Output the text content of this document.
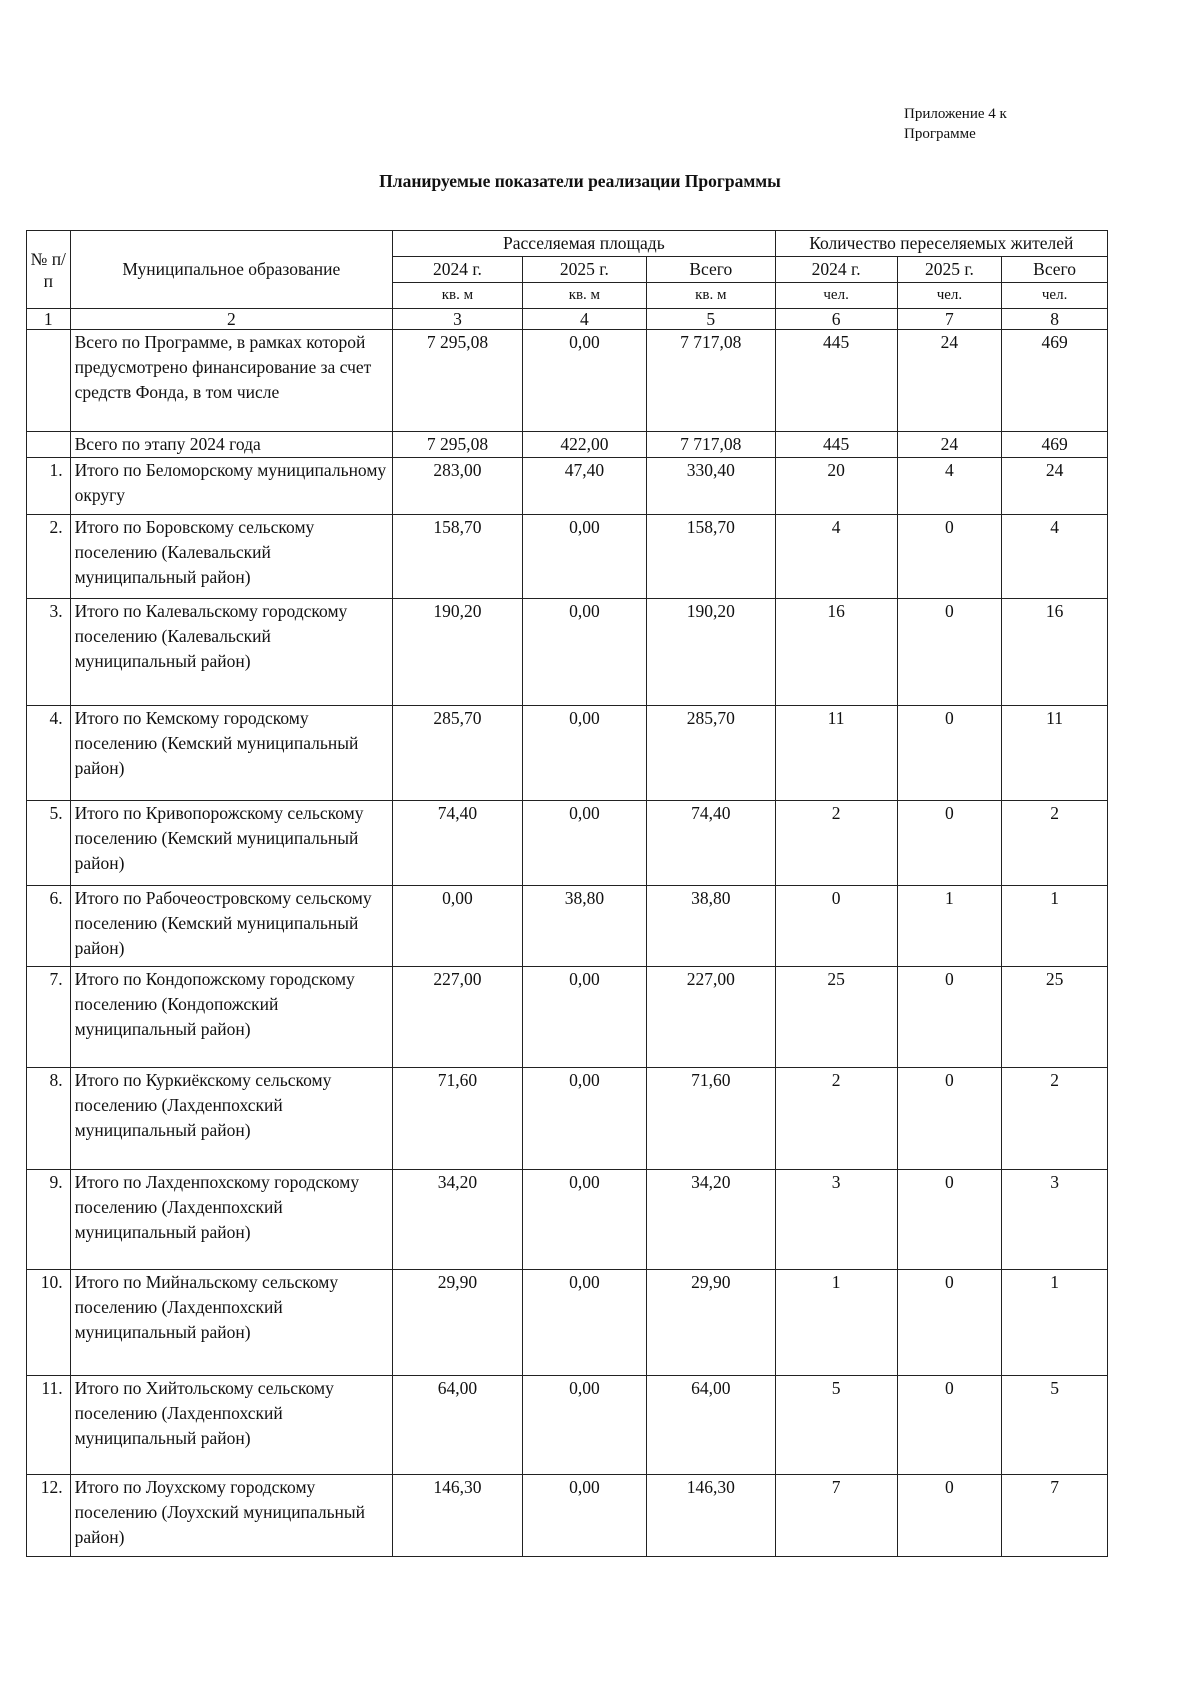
Приложение 4 к
Программе
Планируемые показатели реализации Программы
№ п/п	Муниципальное образование	Расселяемая площадь			Количество переселяемых жителей		
		2024 г.	2025 г.	Всего	2024 г.	2025 г.	Всего
		кв. м	кв. м	кв. м	чел.	чел.	чел.
1	2	3	4	5	6	7	8
	Всего по Программе, в рамках которой предусмотрено финансирование за счет средств Фонда, в том числе	7 295,08	0,00	7 717,08	445	24	469
	Всего по этапу 2024 года	7 295,08	422,00	7 717,08	445	24	469
1.	Итого по Беломорскому муниципальному округу	283,00	47,40	330,40	20	4	24
2.	Итого по Боровскому сельскому поселению (Калевальский муниципальный район)	158,70	0,00	158,70	4	0	4
3.	Итого по Калевальскому городскому поселению (Калевальский муниципальный район)	190,20	0,00	190,20	16	0	16
4.	Итого по Кемскому городскому поселению (Кемский муниципальный район)	285,70	0,00	285,70	11	0	11
5.	Итого по Кривопорожскому сельскому поселению (Кемский муниципальный район)	74,40	0,00	74,40	2	0	2
6.	Итого по Рабочеостровскому сельскому поселению (Кемский муниципальный район)	0,00	38,80	38,80	0	1	1
7.	Итого по Кондопожскому городскому поселению (Кондопожский муниципальный район)	227,00	0,00	227,00	25	0	25
8.	Итого по Куркиёкскому сельскому поселению (Лахденпохский муниципальный район)	71,60	0,00	71,60	2	0	2
9.	Итого по Лахденпохскому городскому поселению (Лахденпохский муниципальный район)	34,20	0,00	34,20	3	0	3
10.	Итого по Мийнальскому сельскому поселению (Лахденпохский муниципальный район)	29,90	0,00	29,90	1	0	1
11.	Итого по Хийтольскому сельскому поселению (Лахденпохский муниципальный район)	64,00	0,00	64,00	5	0	5
12.	Итого по Лоухскому городскому поселению (Лоухский муниципальный район)	146,30	0,00	146,30	7	0	7
